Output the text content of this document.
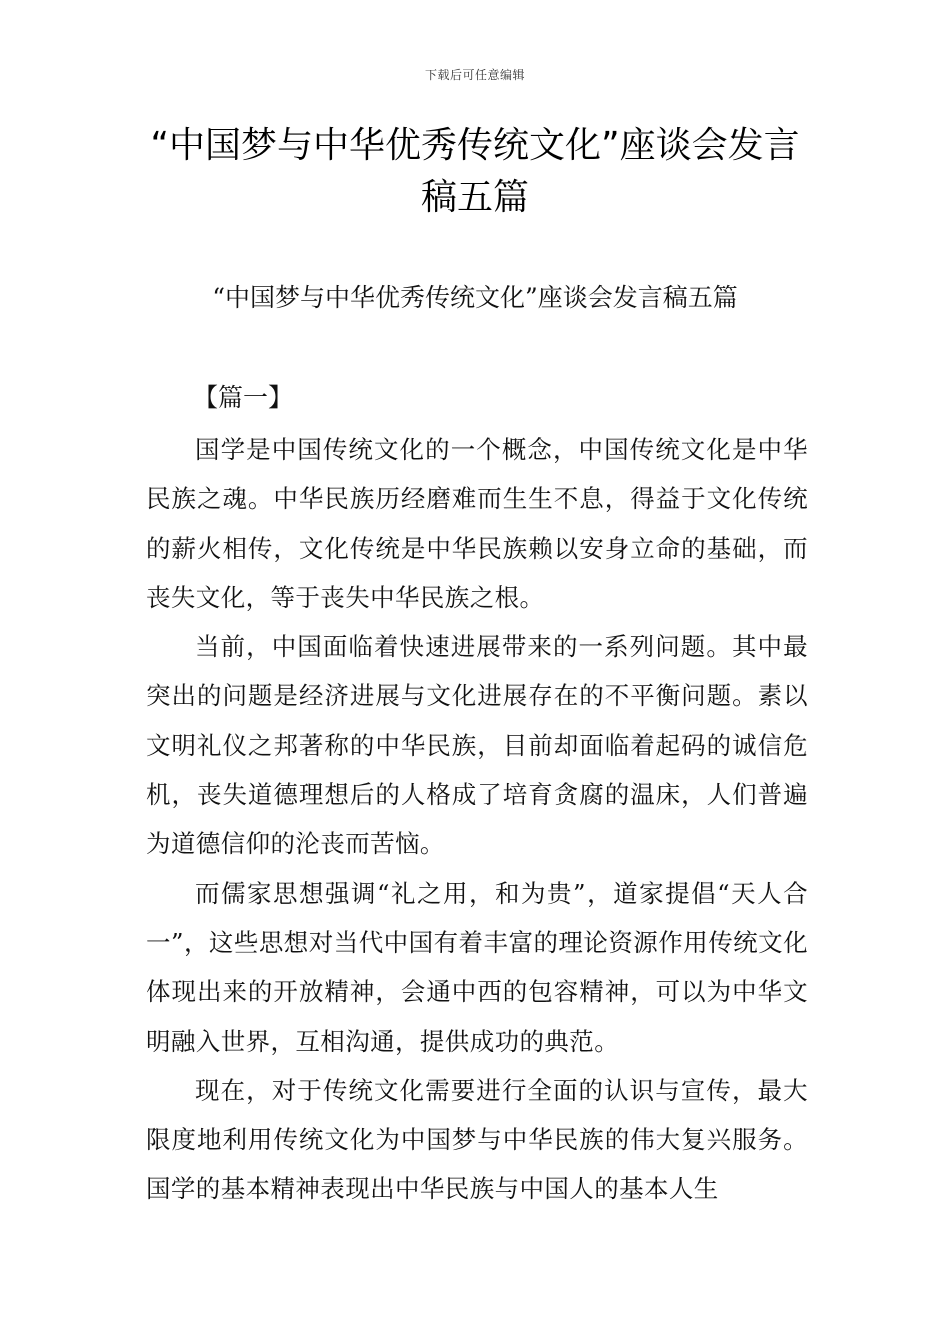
下载后可任意编辑
“中国梦与中华优秀传统文化”座谈会发言稿五篇
“中国梦与中华优秀传统文化”座谈会发言稿五篇
【篇一】

国学是中国传统文化的一个概念，中国传统文化是中华民族之魂。中华民族历经磨难而生生不息，得益于文化传统的薪火相传，文化传统是中华民族赖以安身立命的基础，而丧失文化，等于丧失中华民族之根。

当前，中国面临着快速进展带来的一系列问题。其中最突出的问题是经济进展与文化进展存在的不平衡问题。素以文明礼仪之邦著称的中华民族，目前却面临着起码的诚信危机，丧失道德理想后的人格成了培育贪腐的温床，人们普遍为道德信仰的沦丧而苦恼。

而儒家思想强调“礼之用，和为贵”，道家提倡“天人合一”，这些思想对当代中国有着丰富的理论资源作用传统文化体现出来的开放精神，会通中西的包容精神，可以为中华文明融入世界，互相沟通，提供成功的典范。

现在，对于传统文化需要进行全面的认识与宣传，最大限度地利用传统文化为中国梦与中华民族的伟大复兴服务。国学的基本精神表现出中华民族与中国人的基本人生
